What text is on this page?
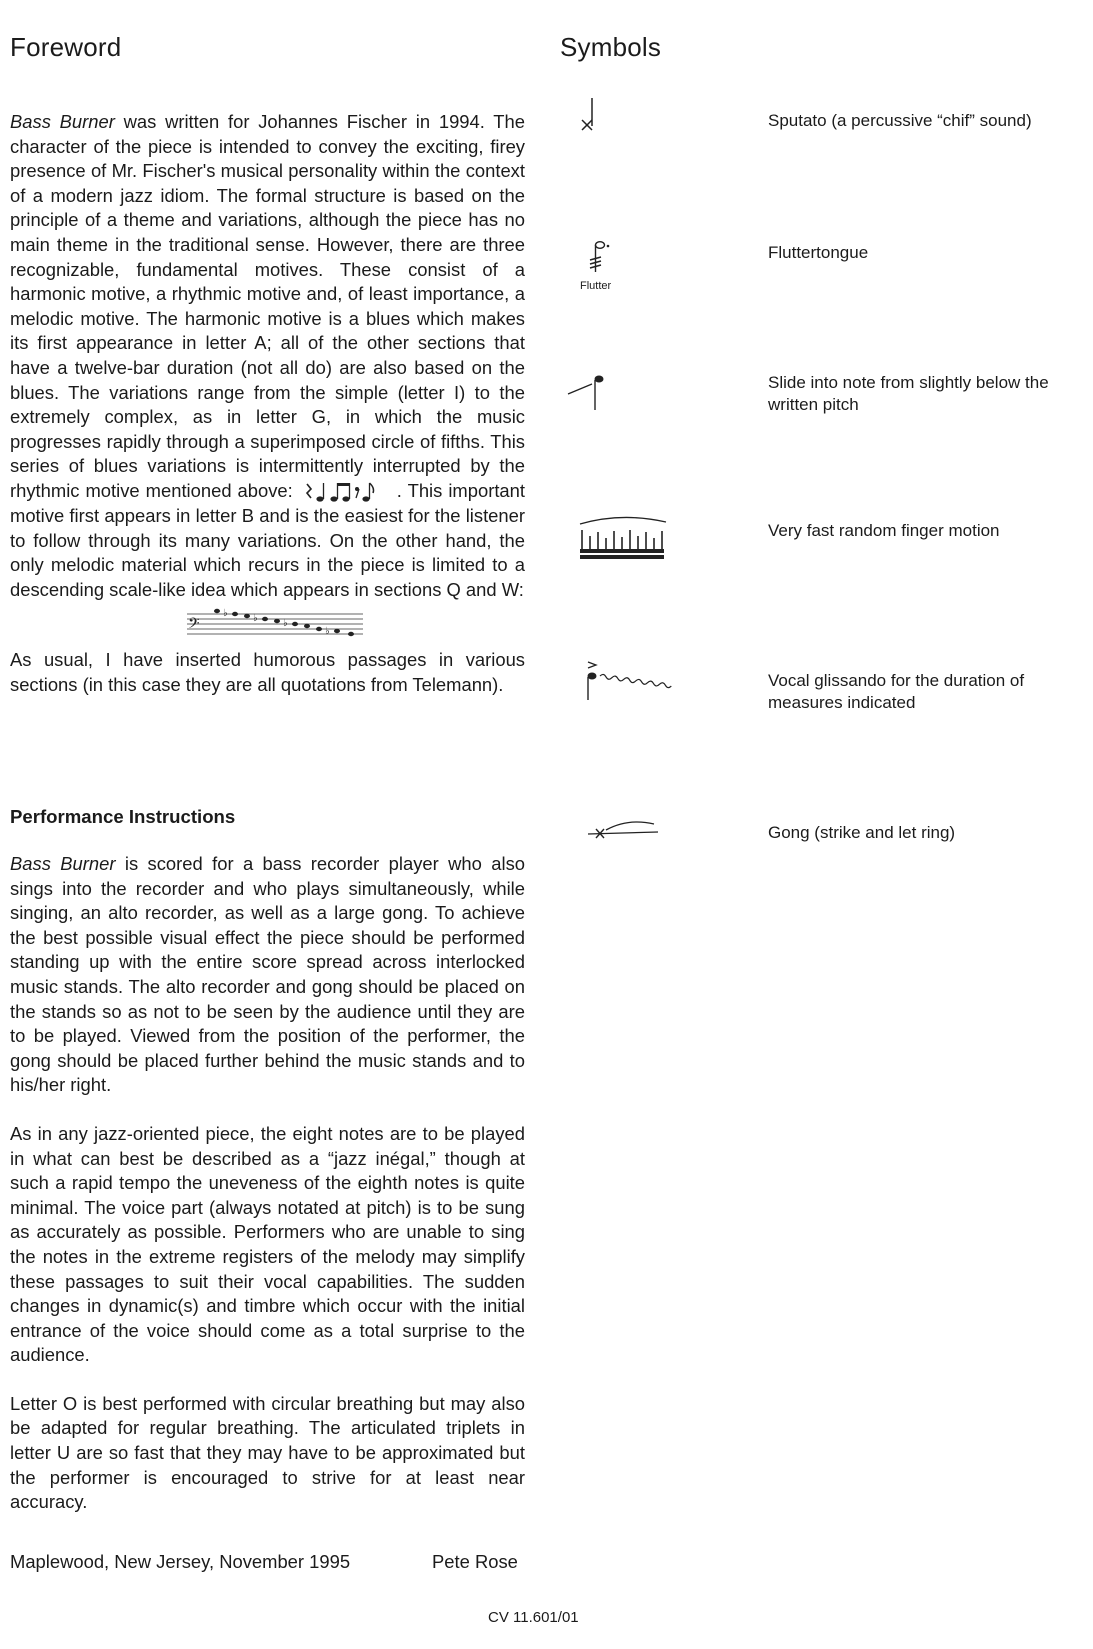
Foreword

Bass Burner was written for Johannes Fischer in 1994. The character of the piece is intended to convey the exciting, firey presence of Mr. Fischer's musical personality within the context of a modern jazz idiom. The formal structure is based on the principle of a theme and variations, although the piece has no main theme in the traditional sense. However, there are three recognizable, fundamental motives. These consist of a harmonic motive, a rhythmic motive and, of least importance, a melodic motive. The harmonic motive is a blues which makes its first appearance in letter A; all of the other sections that have a twelve-bar duration (not all do) are also based on the blues. The variations range from the simple (letter I) to the extremely complex, as in letter G, in which the music progresses rapidly through a superimposed circle of fifths. This series of blues variations is intermittently interrupted by the rhythmic motive mentioned above:	. This important motive first appears in letter B and is the easiest for the listener to follow through its many variations. On the other hand, the only melodic material which recurs in the piece is limited to a descending scale-like idea which appears in sections Q and W:

𝄢
♭	♭	♭
♭

As usual, I have inserted humorous passages in various sections (in this case they are all quotations from Telemann).

Performance Instructions

Bass Burner is scored for a bass recorder player who also sings into the recorder and who plays simultaneously, while singing, an alto recorder, as well as a large gong. To achieve the best possible visual effect the piece should be performed standing up with the entire score spread across interlocked music stands. The alto recorder and gong should be placed on the stands so as not to be seen by the audience until they are to be played. Viewed from the position of the performer, the gong should be placed further behind the music stands and to his/her right.

As in any jazz-oriented piece, the eight notes are to be played in what can best be described as a “jazz inégal,” though at such a rapid tempo the uneveness of the eighth notes is quite minimal. The voice part (always notated at pitch) is to be sung as accurately as possible. Performers who are unable to sing the notes in the extreme registers of the melody may simplify these passages to suit their vocal capabilities. The sudden changes in dynamic(s) and timbre which occur with the initial entrance of the voice should come as a total surprise to the audience.

Letter O is best performed with circular breathing but may also be adapted for regular breathing. The articulated triplets in letter U are so fast that they may have to be approximated but the performer is encouraged to strive for at least near accuracy.

Maplewood, New Jersey, November 1995	Pete Rose
CV 11.601/01
Symbols

Sputato (a percussive “chif” sound)

Flutter

Fluttertongue

Slide into note from slightly below the written pitch

Very fast random finger motion

Vocal glissando for the duration of measures indicated

Gong (strike and let ring)
